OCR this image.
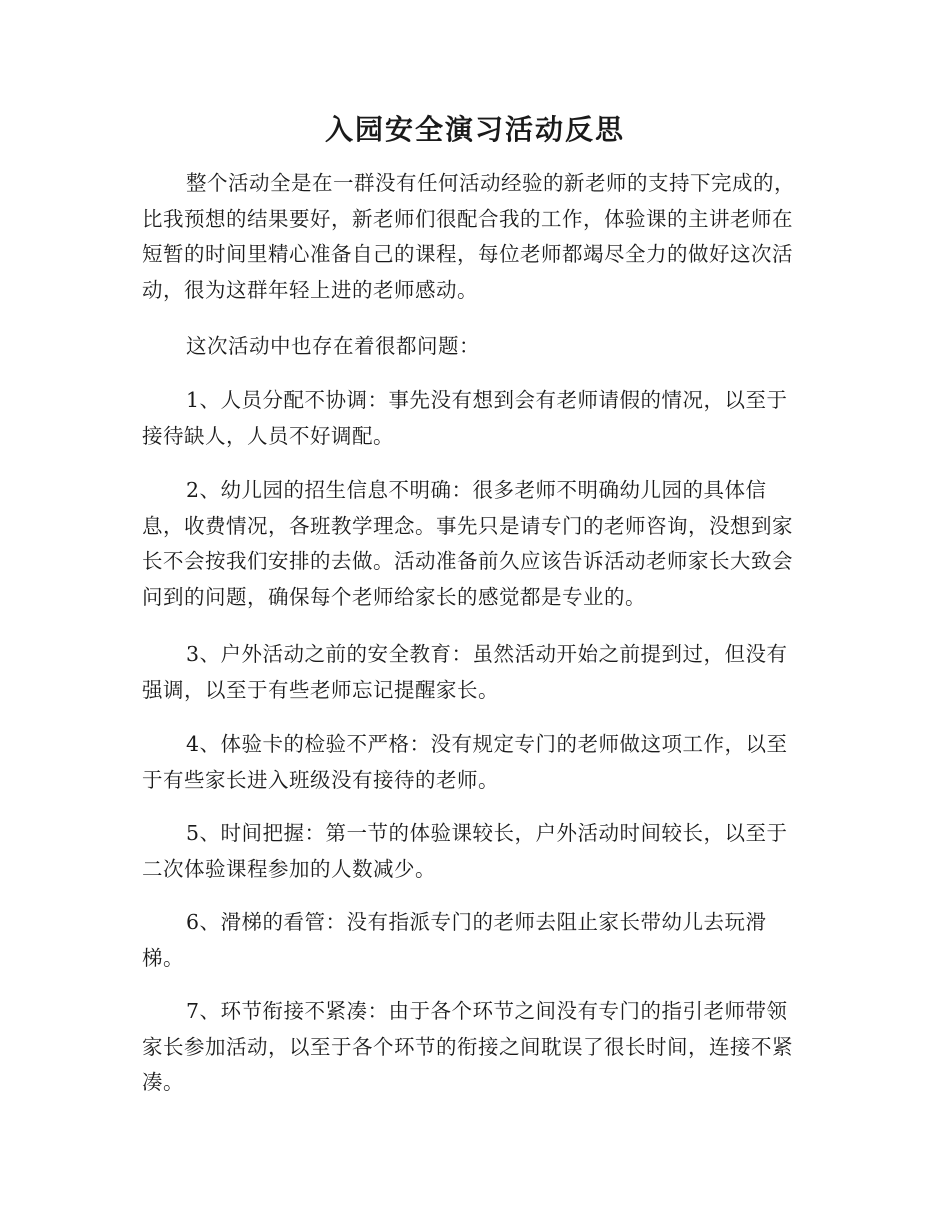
入园安全演习活动反思

整个活动全是在一群没有任何活动经验的新老师的支持下完成的，比我预想的结果要好，新老师们很配合我的工作，体验课的主讲老师在短暂的时间里精心准备自己的课程，每位老师都竭尽全力的做好这次活动，很为这群年轻上进的老师感动。

这次活动中也存在着很都问题：

1、人员分配不协调：事先没有想到会有老师请假的情况，以至于接待缺人，人员不好调配。

2、幼儿园的招生信息不明确：很多老师不明确幼儿园的具体信息，收费情况，各班教学理念。事先只是请专门的老师咨询，没想到家长不会按我们安排的去做。活动准备前久应该告诉活动老师家长大致会问到的问题，确保每个老师给家长的感觉都是专业的。

3、户外活动之前的安全教育：虽然活动开始之前提到过，但没有强调，以至于有些老师忘记提醒家长。

4、体验卡的检验不严格：没有规定专门的老师做这项工作，以至于有些家长进入班级没有接待的老师。

5、时间把握：第一节的体验课较长，户外活动时间较长，以至于二次体验课程参加的人数减少。

6、滑梯的看管：没有指派专门的老师去阻止家长带幼儿去玩滑梯。

7、环节衔接不紧凑：由于各个环节之间没有专门的指引老师带领家长参加活动，以至于各个环节的衔接之间耽误了很长时间，连接不紧凑。
